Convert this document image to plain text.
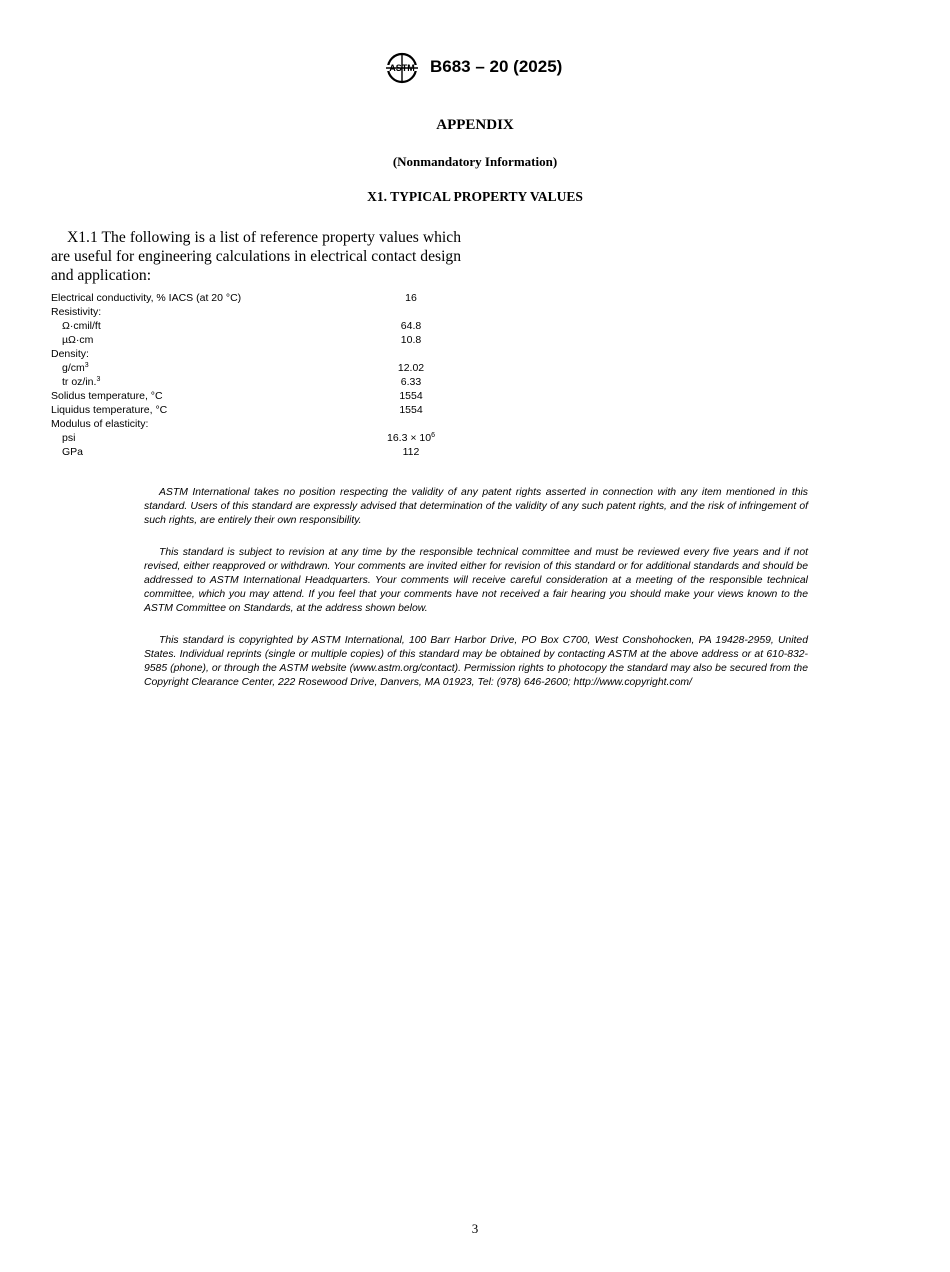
ASTM B683 – 20 (2025)
APPENDIX
(Nonmandatory Information)
X1. TYPICAL PROPERTY VALUES

X1.1 The following is a list of reference property values which are useful for engineering calculations in electrical contact design and application:

Electrical conductivity, % IACS (at 20 °C)	16
Resistivity:
Ω·cmil/ft	64.8
µΩ·cm	10.8
Density:
$g/cm^3$	12.02
tr oz/in.$^3$	6.33
Solidus temperature, °C	1554
Liquidus temperature, °C	1554
Modulus of elasticity:
psi	$16.3 \times 10^6$
GPa	112

ASTM International takes no position respecting the validity of any patent rights asserted in connection with any item mentioned in this standard. Users of this standard are expressly advised that determination of the validity of any such patent rights, and the risk of infringement of such rights, are entirely their own responsibility.

This standard is subject to revision at any time by the responsible technical committee and must be reviewed every five years and if not revised, either reapproved or withdrawn. Your comments are invited either for revision of this standard or for additional standards and should be addressed to ASTM International Headquarters. Your comments will receive careful consideration at a meeting of the responsible technical committee, which you may attend. If you feel that your comments have not received a fair hearing you should make your views known to the ASTM Committee on Standards, at the address shown below.

This standard is copyrighted by ASTM International, 100 Barr Harbor Drive, PO Box C700, West Conshohocken, PA 19428-2959, United States. Individual reprints (single or multiple copies) of this standard may be obtained by contacting ASTM at the above address or at 610-832-9585 (phone), or through the ASTM website (www.astm.org/contact). Permission rights to photocopy the standard may also be secured from the Copyright Clearance Center, 222 Rosewood Drive, Danvers, MA 01923, Tel: (978) 646-2600; http://www.copyright.com/

3
